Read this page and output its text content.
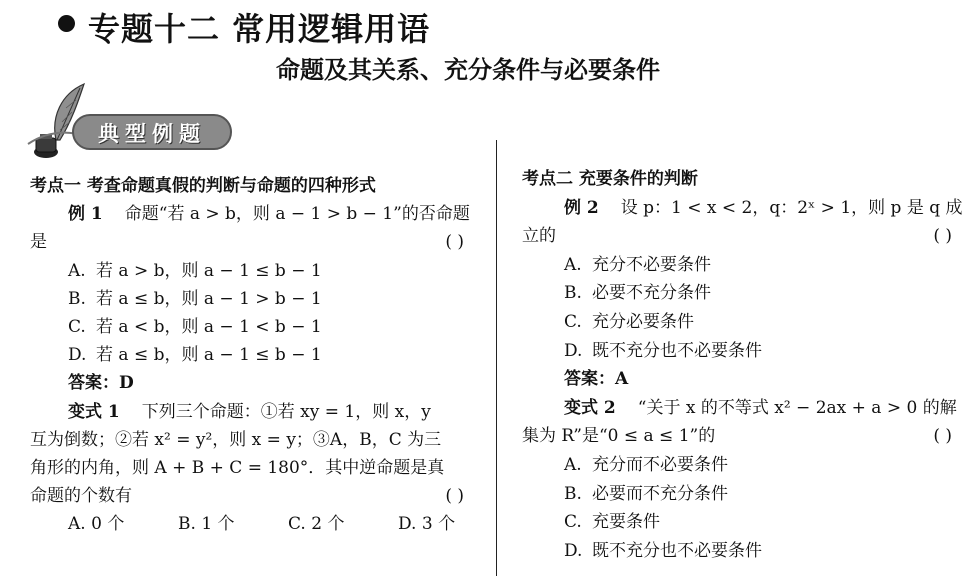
专题十二 常用逻辑用语
命题及其关系、充分条件与必要条件
典型例题
考点一 考查命题真假的判断与命题的四种形式
例 1 命题“若 a > b，则 a − 1 > b − 1”的否命题
是	( )
A. 若 a > b，则 a − 1 ≤ b − 1
B. 若 a ≤ b，则 a − 1 > b − 1
C. 若 a < b，则 a − 1 < b − 1
D. 若 a ≤ b，则 a − 1 ≤ b − 1
答案：D
变式 1 下列三个命题：①若 xy = 1，则 x，y
互为倒数；②若 x² = y²，则 x = y；③A，B，C 为三
角形的内角，则 A + B + C = 180°．其中逆命题是真
命题的个数有	( )
A. 0 个	B. 1 个	C. 2 个	D. 3 个
考点二 充要条件的判断
例 2 设 p：1 < x < 2，q：2ˣ > 1，则 p 是 q 成
立的	( )
A. 充分不必要条件
B. 必要不充分条件
C. 充分必要条件
D. 既不充分也不必要条件
答案：A
变式 2 “关于 x 的不等式 x² − 2ax + a > 0 的解
集为 R”是“0 ≤ a ≤ 1”的	( )
A. 充分而不必要条件
B. 必要而不充分条件
C. 充要条件
D. 既不充分也不必要条件
